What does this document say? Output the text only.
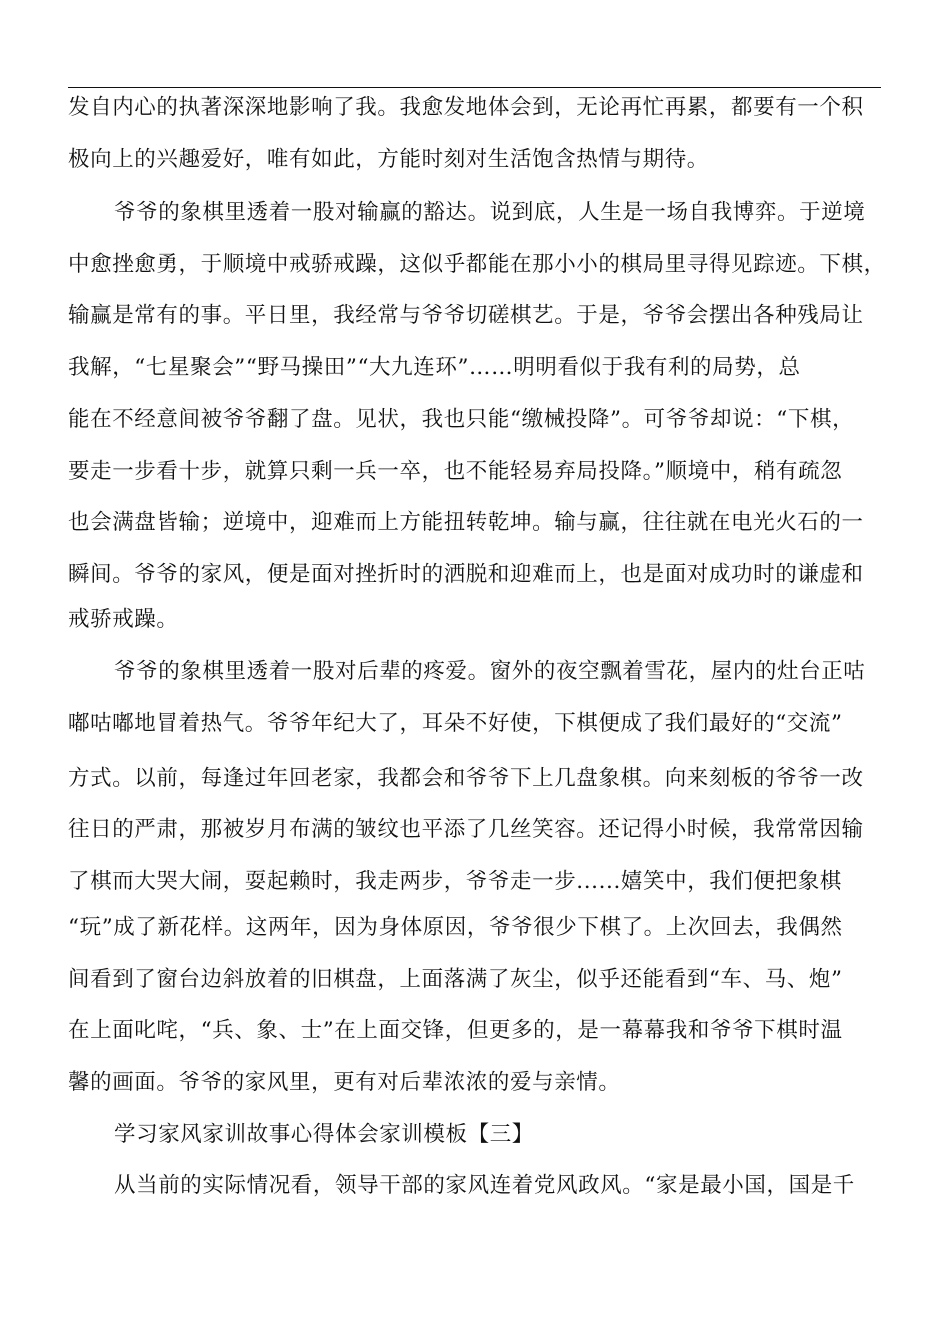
发自内心的执著深深地影响了我。我愈发地体会到，无论再忙再累，都要有一个积
极向上的兴趣爱好，唯有如此，方能时刻对生活饱含热情与期待。
爷爷的象棋里透着一股对输赢的豁达。说到底，人生是一场自我博弈。于逆境
中愈挫愈勇，于顺境中戒骄戒躁，这似乎都能在那小小的棋局里寻得见踪迹。下棋，
输赢是常有的事。平日里，我经常与爷爷切磋棋艺。于是，爷爷会摆出各种残局让
我解，“七星聚会”“野马操田”“大九连环”……明明看似于我有利的局势，总
能在不经意间被爷爷翻了盘。见状，我也只能“缴械投降”。可爷爷却说：“下棋，
要走一步看十步，就算只剩一兵一卒，也不能轻易弃局投降。”顺境中，稍有疏忽
也会满盘皆输；逆境中，迎难而上方能扭转乾坤。输与赢，往往就在电光火石的一
瞬间。爷爷的家风，便是面对挫折时的洒脱和迎难而上，也是面对成功时的谦虚和
戒骄戒躁。
爷爷的象棋里透着一股对后辈的疼爱。窗外的夜空飘着雪花，屋内的灶台正咕
嘟咕嘟地冒着热气。爷爷年纪大了，耳朵不好使，下棋便成了我们最好的“交流”
方式。以前，每逢过年回老家，我都会和爷爷下上几盘象棋。向来刻板的爷爷一改
往日的严肃，那被岁月布满的皱纹也平添了几丝笑容。还记得小时候，我常常因输
了棋而大哭大闹，耍起赖时，我走两步，爷爷走一步......嬉笑中，我们便把象棋
“玩”成了新花样。这两年，因为身体原因，爷爷很少下棋了。上次回去，我偶然
间看到了窗台边斜放着的旧棋盘，上面落满了灰尘，似乎还能看到“车、马、炮”
在上面叱咤，“兵、象、士”在上面交锋，但更多的，是一幕幕我和爷爷下棋时温
馨的画面。爷爷的家风里，更有对后辈浓浓的爱与亲情。
学习家风家训故事心得体会家训模板【三】
从当前的实际情况看，领导干部的家风连着党风政风。“家是最小国，国是千
